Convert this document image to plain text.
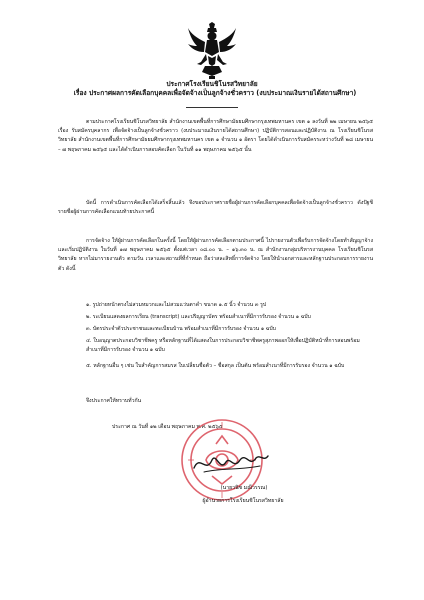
ประกาศโรงเรียนชิโนรสวิทยาลัย
เรื่อง ประกาศผลการคัดเลือกบุคคลเพื่อจัดจ้างเป็นลูกจ้างชั่วคราว (งบประมาณเงินรายได้สถานศึกษา)
ตามประกาศโรงเรียนชิโนรสวิทยาลัย สำนักงานเขตพื้นที่การศึกษามัธยมศึกษากรุงเทพมหานคร เขต ๑ ลงวันที่ ๒๒ เมษายน ๒๕๖๕ เรื่อง รับสมัครบุคลากร เพื่อจัดจ้างเป็นลูกจ้างชั่วคราว (งบประมาณเงินรายได้สถานศึกษา) ปฏิบัติการสอนและปฏิบัติงาน ณ โรงเรียนชิโนรสวิทยาลัย สำนักงานเขตพื้นที่การศึกษามัธยมศึกษากรุงเทพมหานคร เขต ๑ จำนวน ๑ อัตรา โดยได้ดำเนินการรับสมัครระหว่างวันที่ ๒๘ เมษายน – ๗ พฤษภาคม ๒๕๖๕ และได้ดำเนินการสอบคัดเลือก ในวันที่ ๑๑ พฤษภาคม ๒๕๖๕ นั้น
บัดนี้ การดำเนินการคัดเลือกได้เสร็จสิ้นแล้ว จึงขอประกาศรายชื่อผู้ผ่านการคัดเลือกบุคคลเพื่อจัดจ้างเป็นลูกจ้างชั่วคราว ดังปัฐชีรายชื่อผู้ผ่านการคัดเลือกแนบท้ายประกาศนี้
การจัดจ้าง ให้ผู้ผ่านการคัดเลือกในครั้งนี้ โดยให้ผู้ผ่านการคัดเลือกตามประกาศนี้ ไปรายงานตัวเพื่อรับการจัดจ้างโดยทำสัญญาจ้าง และเริ่มปฏิบัติงาน ในวันที่ ๑๗ พฤษภาคม ๒๕๖๕ ตั้งแต่เวลา ๐๘.๐๐ น. – ๑๖.๓๐ น. ณ สำนักงานกลุ่มบริหารงานบุคคล โรงเรียนชิโนรสวิทยาลัย หากไม่มารายงานตัว ตามวัน เวลาและสถานที่ที่กำหนด ถือว่าสละสิทธิ์การจัดจ้าง โดยให้นำเอกสารและหลักฐานประกอบการรายงานตัว ดังนี้
๑. รูปถ่ายหน้าตรงไม่สวมหมวกและไม่สวมแว่นตาดำ ขนาด ๑.๕ นิ้ว จำนวน ๓ รูป
๒. ระเบียนแสดงผลการเรียน (transcript) และปริญญาบัตร พร้อมสำเนาที่มีการรับรอง จำนวน ๑ ฉบับ
๓. บัตรประจำตัวประชาชนและทะเบียนบ้าน พร้อมสำเนาที่มีการรับรอง จำนวน ๑ ฉบับ
๔. ใบอนุญาตประกอบวิชาชีพครู หรือหลักฐานที่ได้แสดงในการประกอบวิชาชีพครูสุภาพออกให้เพื่อปฏิบัติหน้าที่การสอนพร้อมสำเนาที่มีการรับรอง จำนวน ๑ ฉบับ
๕. หลักฐานอื่น ๆ เช่น ใบสำคัญการสมรส ใบเปลี่ยนชื่อตัว – ชื่อสกุล เป็นต้น พร้อมสำเนาที่มีการรับรอง จำนวน ๑ ฉบับ
จึงประกาศให้ทราบทั่วกัน
ประกาศ ณ วันที่ ๑๒ เดือน พฤษภาคม พ.ศ. ๒๕๖๕
(นายวนิช มณีวรรณ)
ผู้อำนวยการโรงเรียนชิโนรสวิทยาลัย
